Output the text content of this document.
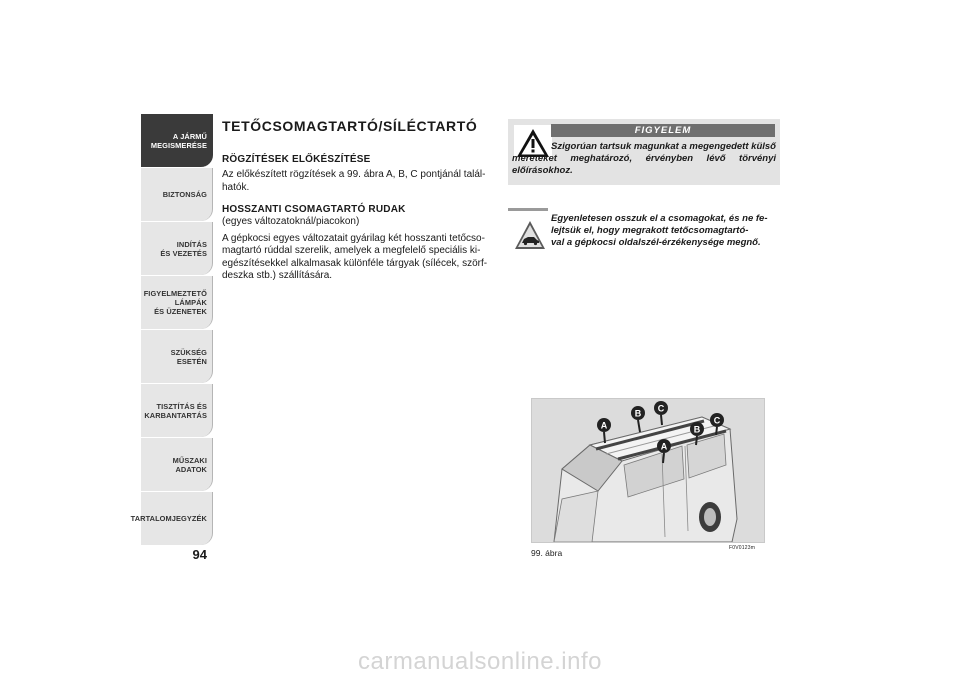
A JÁRMŰ
MEGISMERÉSE
BIZTONSÁG
INDÍTÁS
ÉS VEZETÉS
FIGYELMEZTETŐ
LÁMPÁK
ÉS ÜZENETEK
SZÜKSÉG
ESETÉN
TISZTÍTÁS ÉS
KARBANTARTÁS
MŰSZAKI
ADATOK
TARTALOMJEGYZÉK
94
TETŐCSOMAGTARTÓ/SÍLÉCTARTÓ
RÖGZÍTÉSEK ELŐKÉSZÍTÉSE

Az előkészített rögzítések a 99. ábra A, B, C pontjánál talál-
hatók.

HOSSZANTI CSOMAGTARTÓ RUDAK

(egyes változatoknál/piacokon)

A gépkocsi egyes változatait gyárilag két hosszanti tetőcso-
magtartó rúddal szerelik, amelyek a megfelelő speciális ki-
egészítésekkel alkalmasak különféle tárgyak (sílécek, szörf-
deszka stb.) szállítására.

FIGYELEM
Szigorúan tartsuk magunkat a megengedett külső méreteket meghatározó, érvényben lévő törvényi előírásokhoz.
Egyenletesen osszuk el a csomagokat, és ne fe-
lejtsük el, hogy megrakott tetőcsomagtartó-
val a gépkocsi oldalszél-érzékenysége megnő.
A
B C
B
C
A
99. ábra	F0V0123m
carmanualsonline.info
